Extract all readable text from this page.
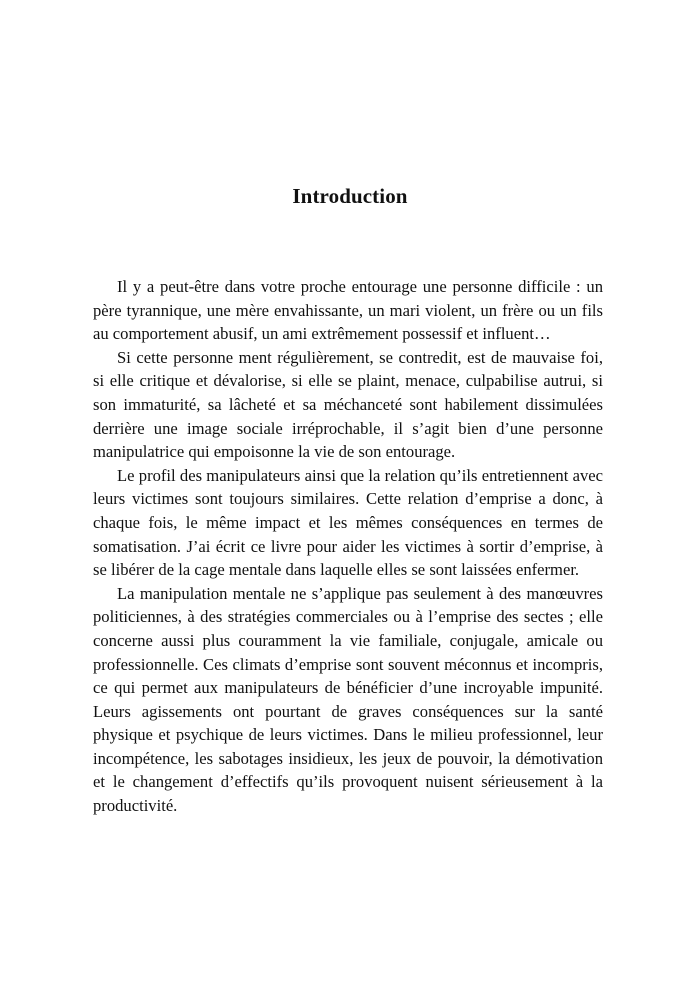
Introduction

Il y a peut-être dans votre proche entourage une personne difficile : un père tyrannique, une mère envahissante, un mari violent, un frère ou un fils au comportement abusif, un ami extrêmement possessif et influent…

Si cette personne ment régulièrement, se contredit, est de mauvaise foi, si elle critique et dévalorise, si elle se plaint, menace, culpabilise autrui, si son immaturité, sa lâcheté et sa méchanceté sont habilement dissimulées derrière une image sociale irréprochable, il s’agit bien d’une personne manipulatrice qui empoisonne la vie de son entourage.

Le profil des manipulateurs ainsi que la relation qu’ils entretiennent avec leurs victimes sont toujours similaires. Cette relation d’emprise a donc, à chaque fois, le même impact et les mêmes conséquences en termes de somatisation. J’ai écrit ce livre pour aider les victimes à sortir d’emprise, à se libérer de la cage mentale dans laquelle elles se sont laissées enfermer.

La manipulation mentale ne s’applique pas seulement à des manœuvres politiciennes, à des stratégies commerciales ou à l’emprise des sectes ; elle concerne aussi plus couramment la vie familiale, conjugale, amicale ou professionnelle. Ces climats d’emprise sont souvent méconnus et incompris, ce qui permet aux manipulateurs de bénéficier d’une incroyable impunité. Leurs agissements ont pourtant de graves conséquences sur la santé physique et psychique de leurs victimes. Dans le milieu professionnel, leur incompétence, les sabotages insidieux, les jeux de pouvoir, la démotivation et le changement d’effectifs qu’ils provoquent nuisent sérieusement à la productivité.
